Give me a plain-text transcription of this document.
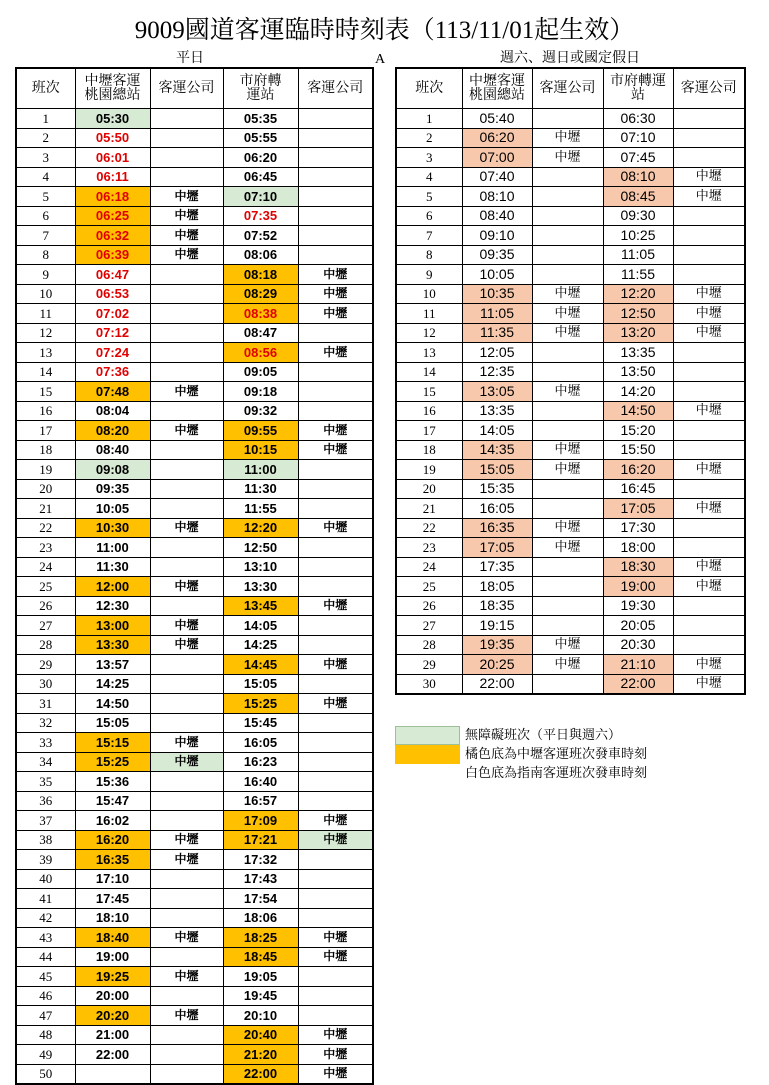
9009國道客運臨時時刻表（113/11/01起生效）
平日	A	週六、週日或國定假日
班次	中壢客運桃園總站	客運公司	市府轉運站	客運公司
1	05:30		05:35	
2	05:50		05:55	
3	06:01		06:20	
4	06:11		06:45	
5	06:18	中壢	07:10	
6	06:25	中壢	07:35	
7	06:32	中壢	07:52	
8	06:39	中壢	08:06	
9	06:47		08:18	中壢
10	06:53		08:29	中壢
11	07:02		08:38	中壢
12	07:12		08:47	
13	07:24		08:56	中壢
14	07:36		09:05	
15	07:48	中壢	09:18	
16	08:04		09:32	
17	08:20	中壢	09:55	中壢
18	08:40		10:15	中壢
19	09:08		11:00	
20	09:35		11:30	
21	10:05		11:55	
22	10:30	中壢	12:20	中壢
23	11:00		12:50	
24	11:30		13:10	
25	12:00	中壢	13:30	
26	12:30		13:45	中壢
27	13:00	中壢	14:05	
28	13:30	中壢	14:25	
29	13:57		14:45	中壢
30	14:25		15:05	
31	14:50		15:25	中壢
32	15:05		15:45	
33	15:15	中壢	16:05	
34	15:25	中壢	16:23	
35	15:36		16:40	
36	15:47		16:57	
37	16:02		17:09	中壢
38	16:20	中壢	17:21	中壢
39	16:35	中壢	17:32	
40	17:10		17:43	
41	17:45		17:54	
42	18:10		18:06	
43	18:40	中壢	18:25	中壢
44	19:00		18:45	中壢
45	19:25	中壢	19:05	
46	20:00		19:45	
47	20:20	中壢	20:10	
48	21:00		20:40	中壢
49	22:00		21:20	中壢
50			22:00	中壢
班次	中壢客運桃園總站	客運公司	市府轉運站	客運公司
1	05:40		06:30	
2	06:20	中壢	07:10	
3	07:00	中壢	07:45	
4	07:40		08:10	中壢
5	08:10		08:45	中壢
6	08:40		09:30	
7	09:10		10:25	
8	09:35		11:05	
9	10:05		11:55	
10	10:35	中壢	12:20	中壢
11	11:05	中壢	12:50	中壢
12	11:35	中壢	13:20	中壢
13	12:05		13:35	
14	12:35		13:50	
15	13:05	中壢	14:20	
16	13:35		14:50	中壢
17	14:05		15:20	
18	14:35	中壢	15:50	
19	15:05	中壢	16:20	中壢
20	15:35		16:45	
21	16:05		17:05	中壢
22	16:35	中壢	17:30	
23	17:05	中壢	18:00	
24	17:35		18:30	中壢
25	18:05		19:00	中壢
26	18:35		19:30	
27	19:15		20:05	
28	19:35	中壢	20:30	
29	20:25	中壢	21:10	中壢
30	22:00		22:00	中壢
無障礙班次（平日與週六）
橘色底為中壢客運班次發車時刻
白色底為指南客運班次發車時刻
